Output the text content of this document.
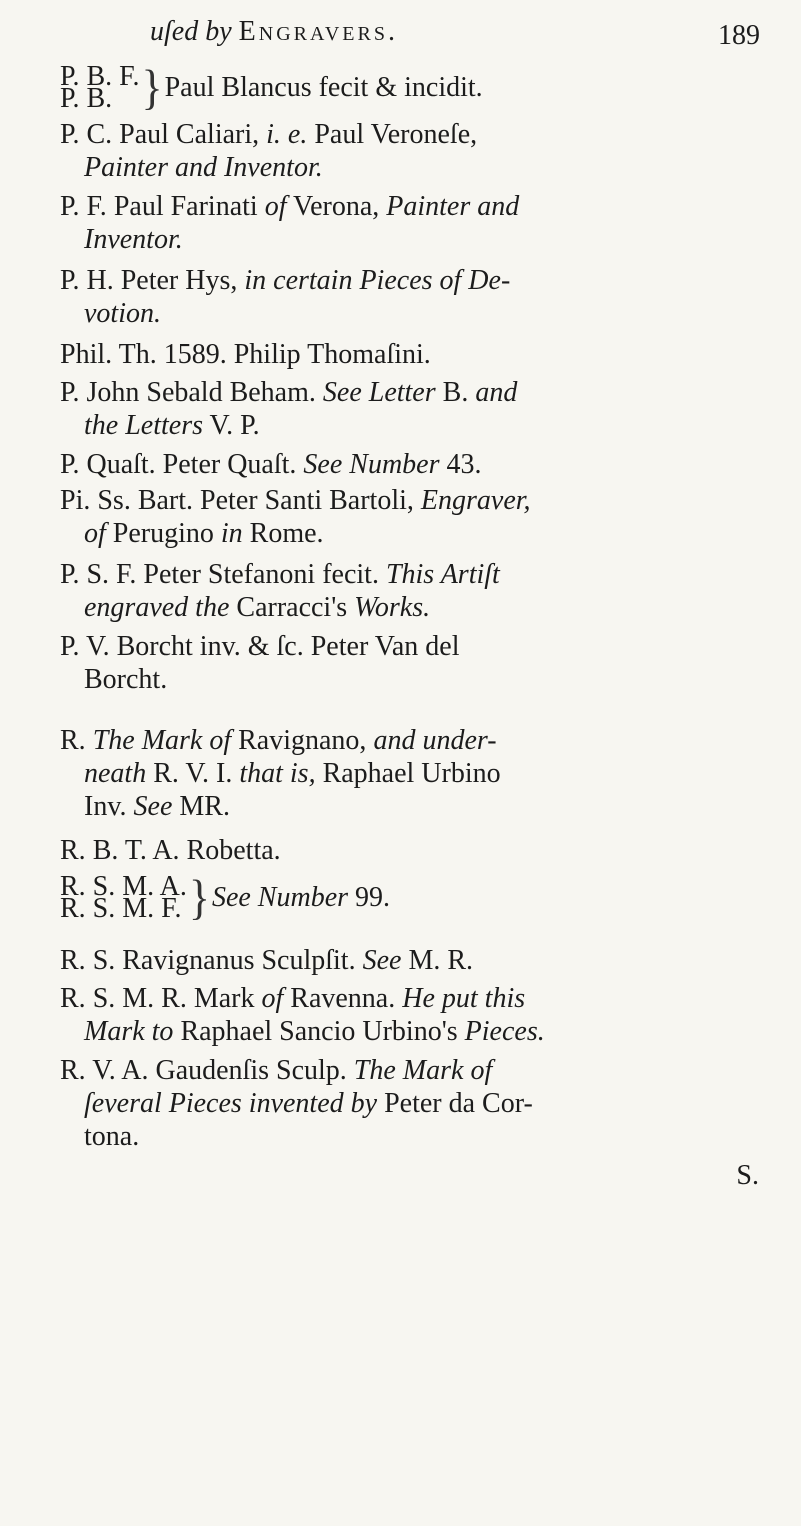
uſed by Engravers.	189
P. B. F.
P. B. }Paul Blancus fecit & incidit.
P. C. Paul Caliari, i. e. Paul Veroneſe,
Painter and Inventor.
P. F. Paul Farinati of Verona, Painter and
Inventor.
P. H. Peter Hys, in certain Pieces of De-
votion.
Phil. Th. 1589. Philip Thomaſini.
P. John Sebald Beham. See Letter B. and
the Letters V. P.
P. Quaſt. Peter Quaſt. See Number 43.
Pi. Ss. Bart. Peter Santi Bartoli, Engraver,
of Perugino in Rome.
P. S. F. Peter Stefanoni fecit. This Artiſt
engraved the Carracci's Works.
P. V. Borcht inv. & ſc. Peter Van del
Borcht.
R. The Mark of Ravignano, and under-
neath R. V. I. that is, Raphael Urbino
Inv. See MR.
R. B. T. A. Robetta.
R. S. M. A.
R. S. M. F. }See Number 99.
R. S. Ravignanus Sculpſit. See M. R.
R. S. M. R. Mark of Ravenna. He put this
Mark to Raphael Sancio Urbino's Pieces.
R. V. A. Gaudenſis Sculp. The Mark of
ſeveral Pieces invented by Peter da Cor-
tona.
S.
